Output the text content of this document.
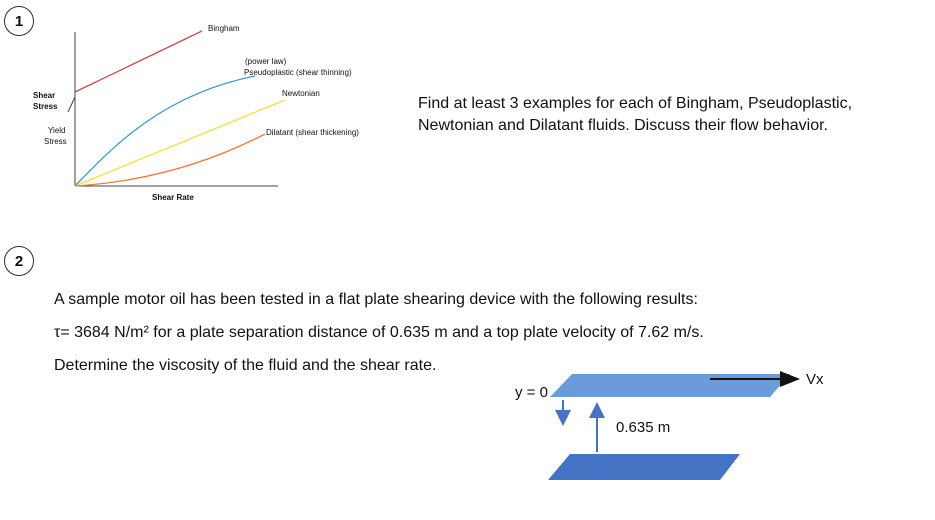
1	Bingham
(power law)
Pseudoplastic (shear thinning)
Newtonian
Dilatant (shear thickening)
Shear
Stress
Yield
Stress
Shear Rate

Find at least 3 examples for each of Bingham, Pseudoplastic, Newtonian and Dilatant fluids. Discuss their flow behavior.

2

A sample motor oil has been tested in a flat plate shearing device with the following results:

τ= 3684 N/m² for a plate separation distance of 0.635 m and a top plate velocity of 7.62 m/s.

Determine the viscosity of the fluid and the shear rate.

Vx
y = 0
0.635 m
